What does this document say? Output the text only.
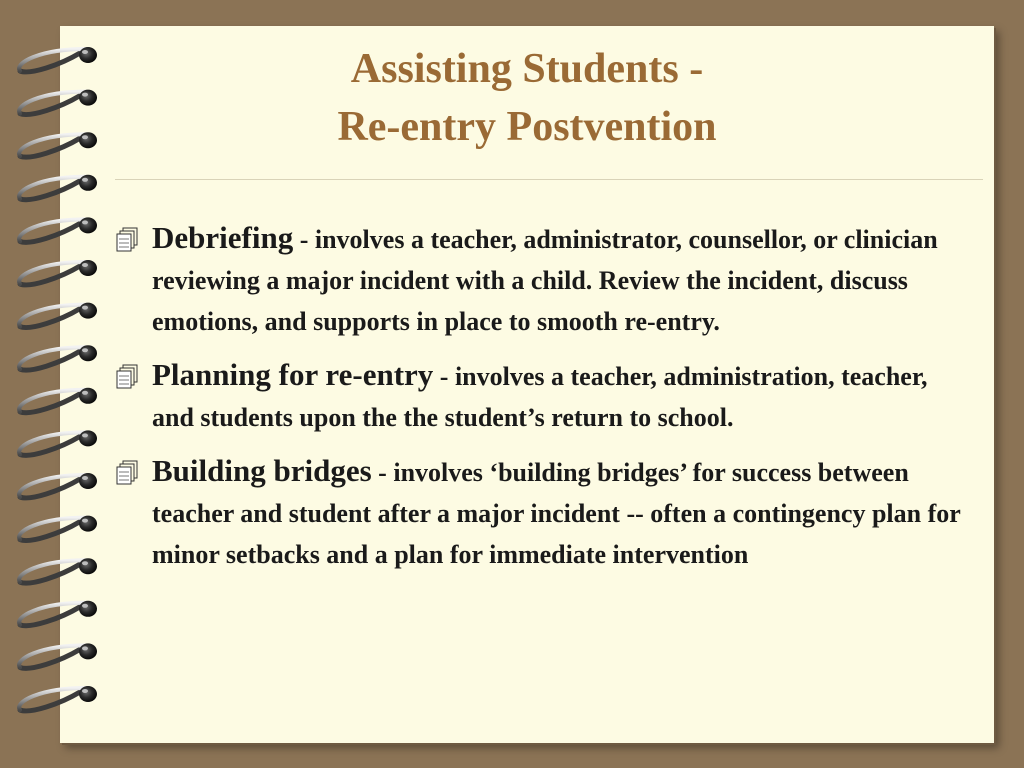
Assisting Students -
Re-entry Postvention
Debriefing - involves a teacher, administrator, counsellor, or clinician reviewing a major incident with a child. Review the incident, discuss emotions, and supports in place to smooth re-entry.
Planning for re-entry - involves a teacher, administration, teacher, and students upon the the student’s return to school.
Building bridges - involves ‘building bridges’ for success between teacher and student after a major incident -- often a contingency plan for minor setbacks and a plan for immediate intervention
